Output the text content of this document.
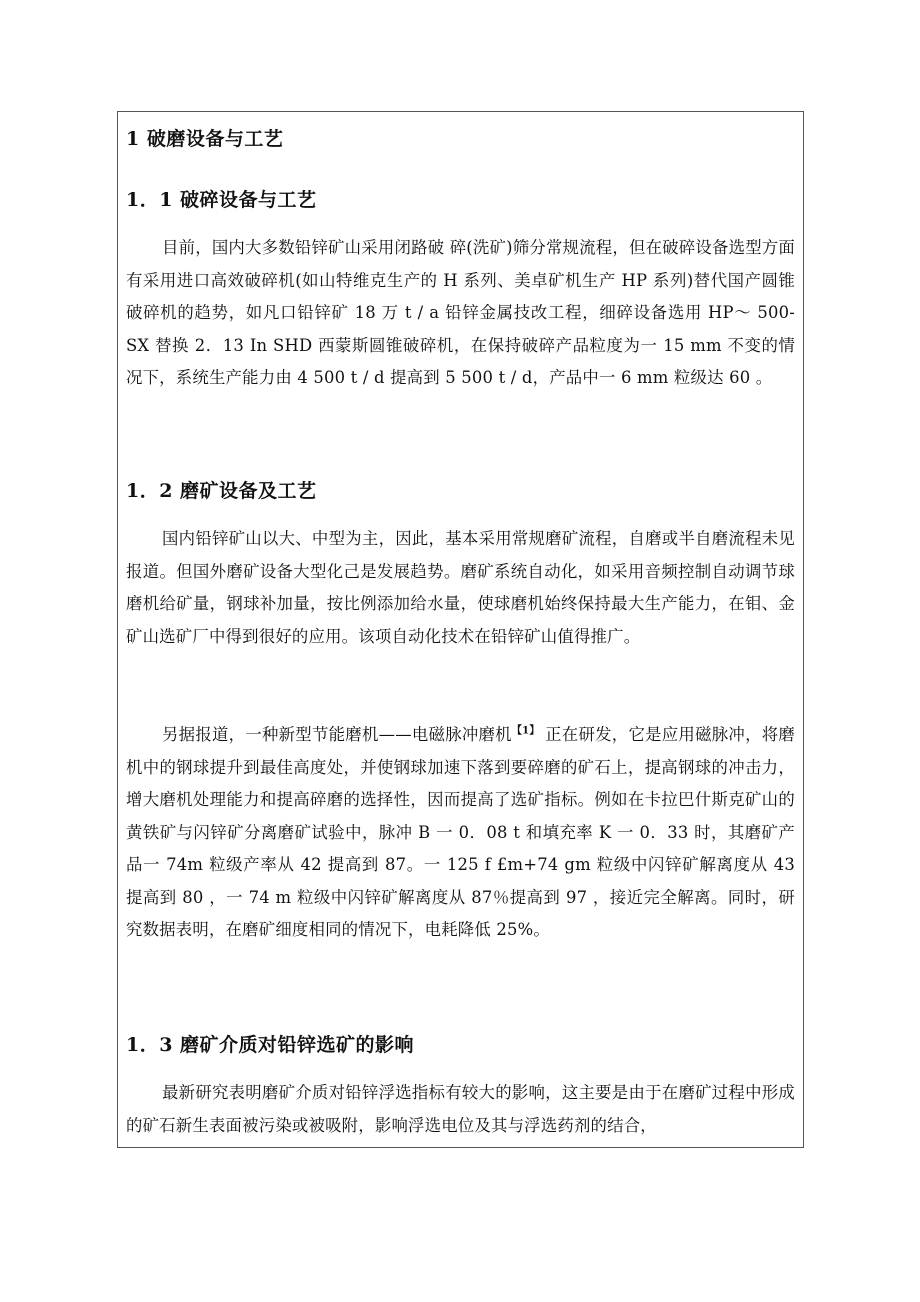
1 破磨设备与工艺
1．1 破碎设备与工艺

目前，国内大多数铅锌矿山采用闭路破 碎(洗矿)筛分常规流程，但在破碎设备选型方面有采用进口高效破碎机(如山特维克生产的 H 系列、美卓矿机生产 HP 系列)替代国产圆锥破碎机的趋势，如凡口铅锌矿 18 万 t / a 铅锌金属技改工程，细碎设备选用 HP～ 500-SX 替换 2．13 In SHD 西蒙斯圆锥破碎机，在保持破碎产品粒度为一 15 mm 不变的情况下，系统生产能力由 4 500 t / d 提高到 5 500 t / d，产品中一 6 mm 粒级达 60 。

1．2 磨矿设备及工艺

国内铅锌矿山以大、中型为主，因此，基本采用常规磨矿流程，自磨或半自磨流程未见报道。但国外磨矿设备大型化己是发展趋势。磨矿系统自动化，如采用音频控制自动调节球磨机给矿量，钢球补加量，按比例添加给水量，使球磨机始终保持最大生产能力，在钼、金矿山选矿厂中得到很好的应用。该项自动化技术在铅锌矿山值得推广。

另据报道，一种新型节能磨机——电磁脉冲磨机$^{【1】}$ 正在研发，它是应用磁脉冲，将磨机中的钢球提升到最佳高度处，并使钢球加速下落到要碎磨的矿石上，提高钢球的冲击力，增大磨机处理能力和提高碎磨的选择性，因而提高了选矿指标。例如在卡拉巴什斯克矿山的黄铁矿与闪锌矿分离磨矿试验中，脉冲 B 一 0．08 t 和填充率 K 一 0．33 时，其磨矿产品一 74m 粒级产率从 42 提高到 87。一 125 f £m+74 gm 粒级中闪锌矿解离度从 43 提高到 80 ，一 74 m 粒级中闪锌矿解离度从 87％提高到 97 ，接近完全解离。同时，研究数据表明，在磨矿细度相同的情况下，电耗降低 25%。

1．3 磨矿介质对铅锌选矿的影响

最新研究表明磨矿介质对铅锌浮选指标有较大的影响，这主要是由于在磨矿过程中形成的矿石新生表面被污染或被吸附，影响浮选电位及其与浮选药剂的结合，
